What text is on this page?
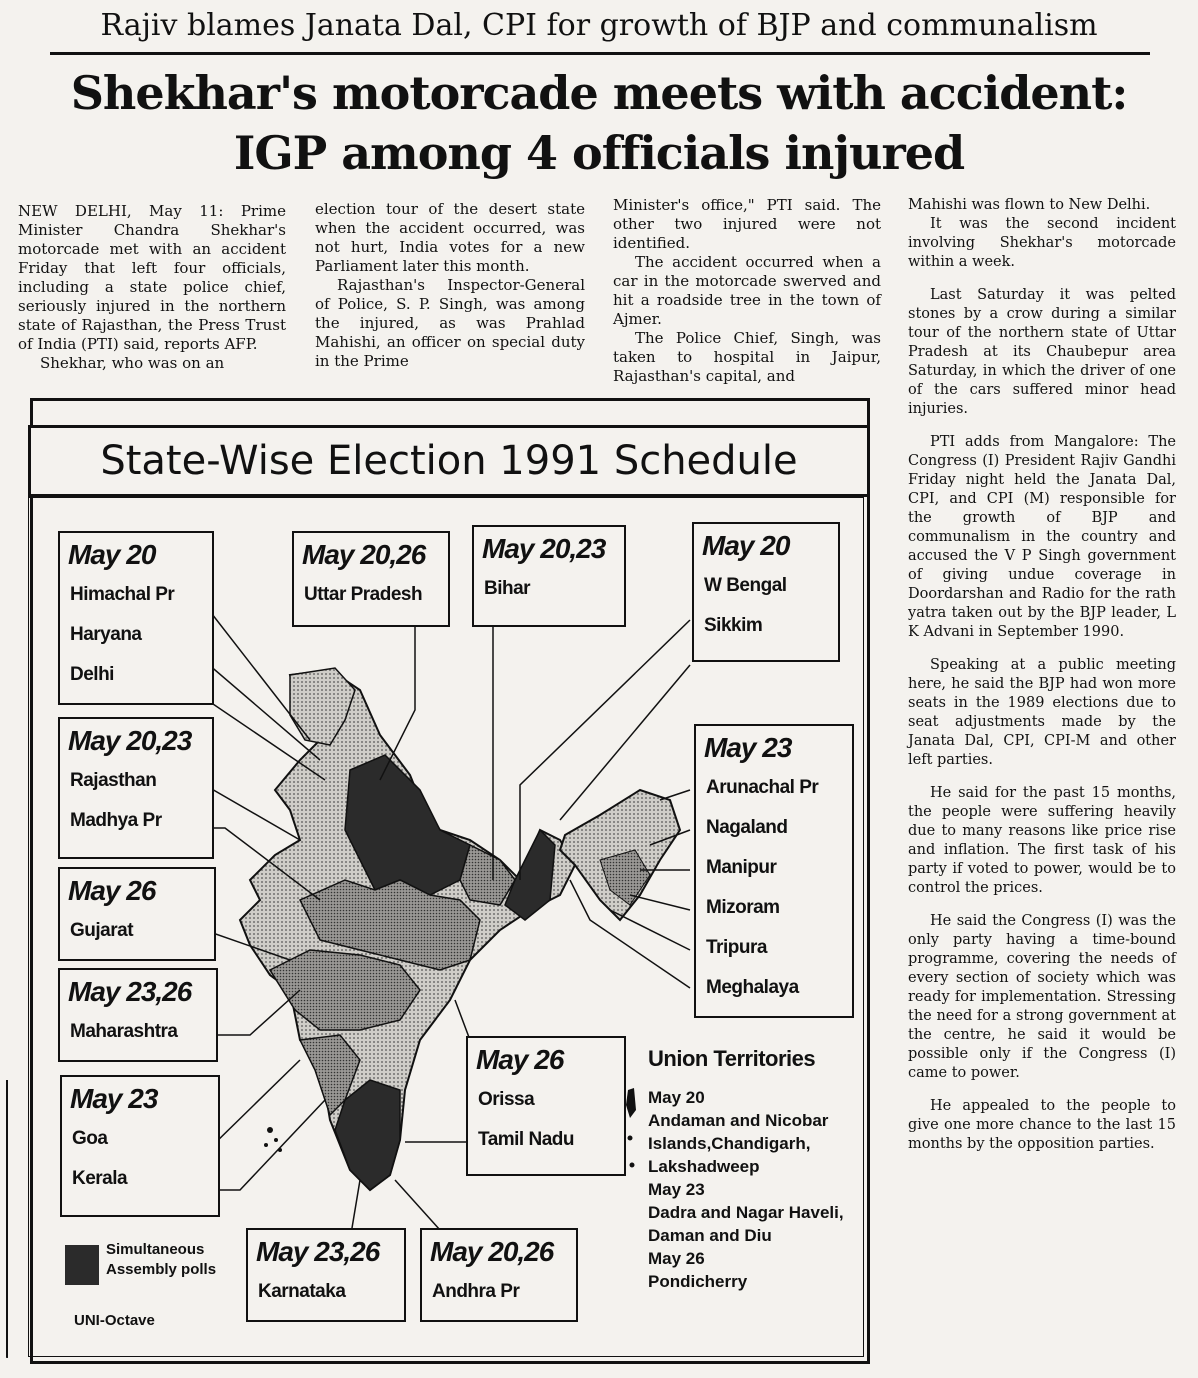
Rajiv blames Janata Dal, CPI for growth of BJP and communalism
Shekhar's motorcade meets with accident:
IGP among 4 officials injured

NEW DELHI, May 11: Prime Minister Chandra Shekhar's motorcade met with an accident Friday that left four officials, including a state police chief, seriously injured in the northern state of Rajasthan, the Press Trust of India (PTI) said, reports AFP.

Shekhar, who was on an

election tour of the desert state when the accident occurred, was not hurt, India votes for a new Parliament later this month.

Rajasthan's Inspector-General of Police, S. P. Singh, was among the injured, as was Prahlad Mahishi, an officer on special duty in the Prime

Minister's office," PTI said. The other two injured were not identified.

The accident occurred when a car in the motorcade swerved and hit a roadside tree in the town of Ajmer.

The Police Chief, Singh, was taken to hospital in Jaipur, Rajasthan's capital, and

Mahishi was flown to New Delhi.

It was the second incident involving Shekhar's motorcade within a week.

Last Saturday it was pelted stones by a crow during a similar tour of the northern state of Uttar Pradesh at its Chaubepur area Saturday, in which the driver of one of the cars suffered minor head injuries.

PTI adds from Mangalore: The Congress (I) President Rajiv Gandhi Friday night held the Janata Dal, CPI, and CPI (M) responsible for the growth of BJP and communalism in the country and accused the V P Singh government of giving undue coverage in Doordarshan and Radio for the rath yatra taken out by the BJP leader, L K Advani in September 1990.

Speaking at a public meeting here, he said the BJP had won more seats in the 1989 elections due to seat adjustments made by the Janata Dal, CPI, CPI-M and other left parties.

He said for the past 15 months, the people were suffering heavily due to many reasons like price rise and inflation. The first task of his party if voted to power, would be to control the prices.

He said the Congress (I) was the only party having a time-bound programme, covering the needs of every section of society which was ready for implementation. Stressing the need for a strong government at the centre, he said it would be possible only if the Congress (I) came to power.

He appealed to the people to give one more chance to the last 15 months by the opposition parties.

State-Wise Election 1991 Schedule
May 20
Himachal Pr
Haryana
Delhi
May 20,23
Rajasthan
Madhya Pr
May 26
Gujarat
May 23,26
Maharashtra
May 23
Goa
Kerala
May 20,26
Uttar Pradesh
May 20,23
Bihar
May 20
W Bengal
Sikkim
May 23
Arunachal Pr
Nagaland
Manipur
Mizoram
Tripura
Meghalaya
May 26
Orissa
Tamil Nadu
May 23,26
Karnataka
May 20,26
Andhra Pr
Union Territories
May 20
Andaman and Nicobar
Islands,Chandigarh,
Lakshadweep
May 23
Dadra and Nagar Haveli,
Daman and Diu
May 26
Pondicherry
Simultaneous
Assembly polls
UNI-Octave
